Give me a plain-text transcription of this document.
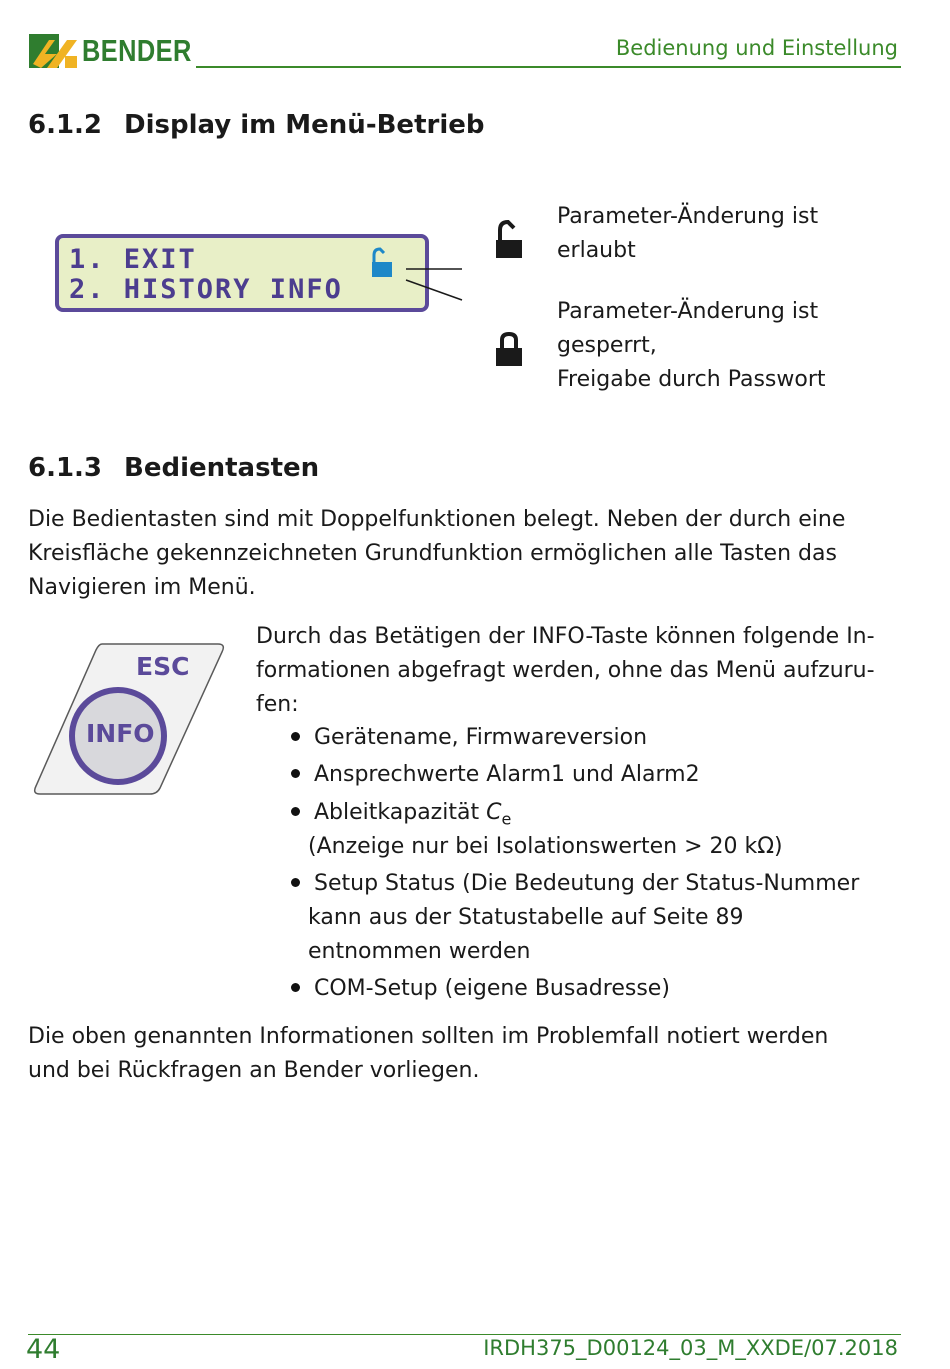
BENDER	Bedienung und Einstellung
6.1.2 Display im Menü-Betrieb
1. EXIT
2. HISTORY INFO
Parameter-Änderung ist
erlaubt
Parameter-Änderung ist
gesperrt,
Freigabe durch Passwort
6.1.3 Bedientasten
Die Bedientasten sind mit Doppelfunktionen belegt. Neben der durch eine
Kreisfläche gekennzeichneten Grundfunktion ermöglichen alle Tasten das
Navigieren im Menü.
ESC
INFO
Durch das Betätigen der INFO-Taste können folgende In-
formationen abgefragt werden, ohne das Menü aufzuru-
fen:
Gerätename, Firmwareversion
Ansprechwerte Alarm1 und Alarm2
Ableitkapazität $C_e$
(Anzeige nur bei Isolationswerten > 20 kΩ)
Setup Status (Die Bedeutung der Status-Nummer
kann aus der Statustabelle auf Seite 89
entnommen werden
COM-Setup (eigene Busadresse)
Die oben genannten Informationen sollten im Problemfall notiert werden
und bei Rückfragen an Bender vorliegen.
44	IRDH375_D00124_03_M_XXDE/07.2018
